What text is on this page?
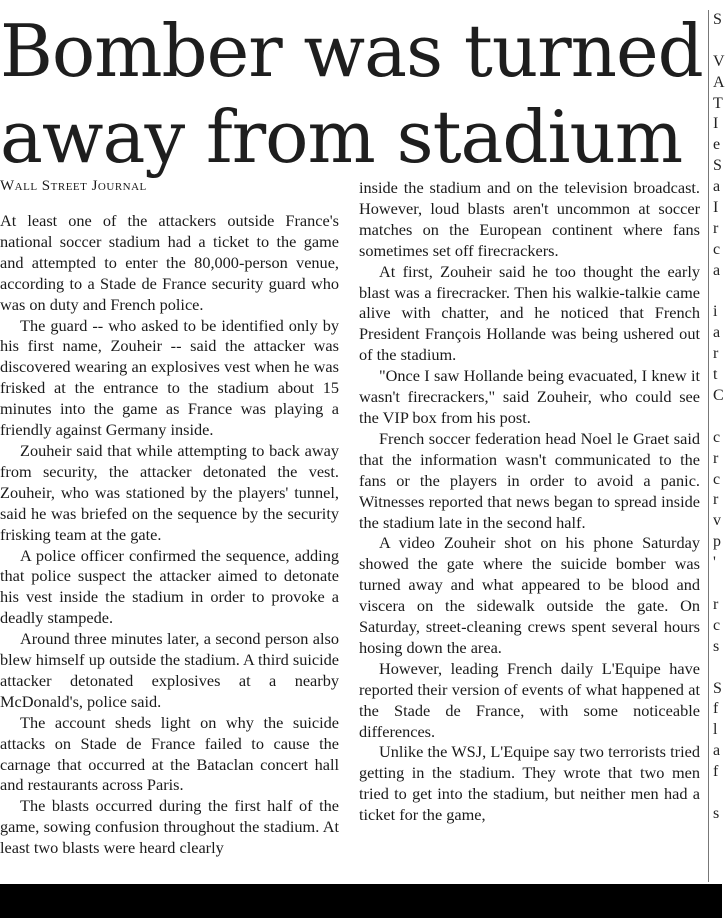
Bomber was turned away from stadium
Wall Street Journal

At least one of the attackers outside France's national soccer stadium had a ticket to the game and attempted to enter the 80,000-person venue, according to a Stade de France security guard who was on duty and French police.

The guard -- who asked to be identified only by his first name, Zouheir -- said the attacker was discovered wearing an explosives vest when he was frisked at the entrance to the stadium about 15 minutes into the game as France was playing a friendly against Germany inside.

Zouheir said that while attempting to back away from security, the attacker detonated the vest. Zouheir, who was stationed by the players' tunnel, said he was briefed on the sequence by the security frisking team at the gate.

A police officer confirmed the sequence, adding that police suspect the attacker aimed to detonate his vest inside the stadium in order to provoke a deadly stampede.

Around three minutes later, a second person also blew himself up outside the stadium. A third suicide attacker detonated explosives at a nearby McDonald's, police said.

The account sheds light on why the suicide attacks on Stade de France failed to cause the carnage that occurred at the Bataclan concert hall and restaurants across Paris.

The blasts occurred during the first half of the game, sowing confusion throughout the stadium. At least two blasts were heard clearly

inside the stadium and on the television broadcast. However, loud blasts aren't uncommon at soccer matches on the European continent where fans sometimes set off firecrackers.

At first, Zouheir said he too thought the early blast was a firecracker. Then his walkie-talkie came alive with chatter, and he noticed that French President François Hollande was being ushered out of the stadium.

"Once I saw Hollande being evacuated, I knew it wasn't firecrackers," said Zouheir, who could see the VIP box from his post.

French soccer federation head Noel le Graet said that the information wasn't communicated to the fans or the players in order to avoid a panic. Witnesses reported that news began to spread inside the stadium late in the second half.

A video Zouheir shot on his phone Saturday showed the gate where the suicide bomber was turned away and what appeared to be blood and viscera on the sidewalk outside the gate. On Saturday, street-cleaning crews spent several hours hosing down the area.

However, leading French daily L'Equipe have reported their version of events of what happened at the Stade de France, with some noticeable differences.

Unlike the WSJ, L'Equipe say two terrorists tried getting in the stadium. They wrote that two men tried to get into the stadium, but neither men had a ticket for the game,

S
V
A
T
I
e
S
a
I
r
c
a
i
a
r
t
C
c
r
c
r
v
p
'
r
c
s
S
f
l
a
f
s
